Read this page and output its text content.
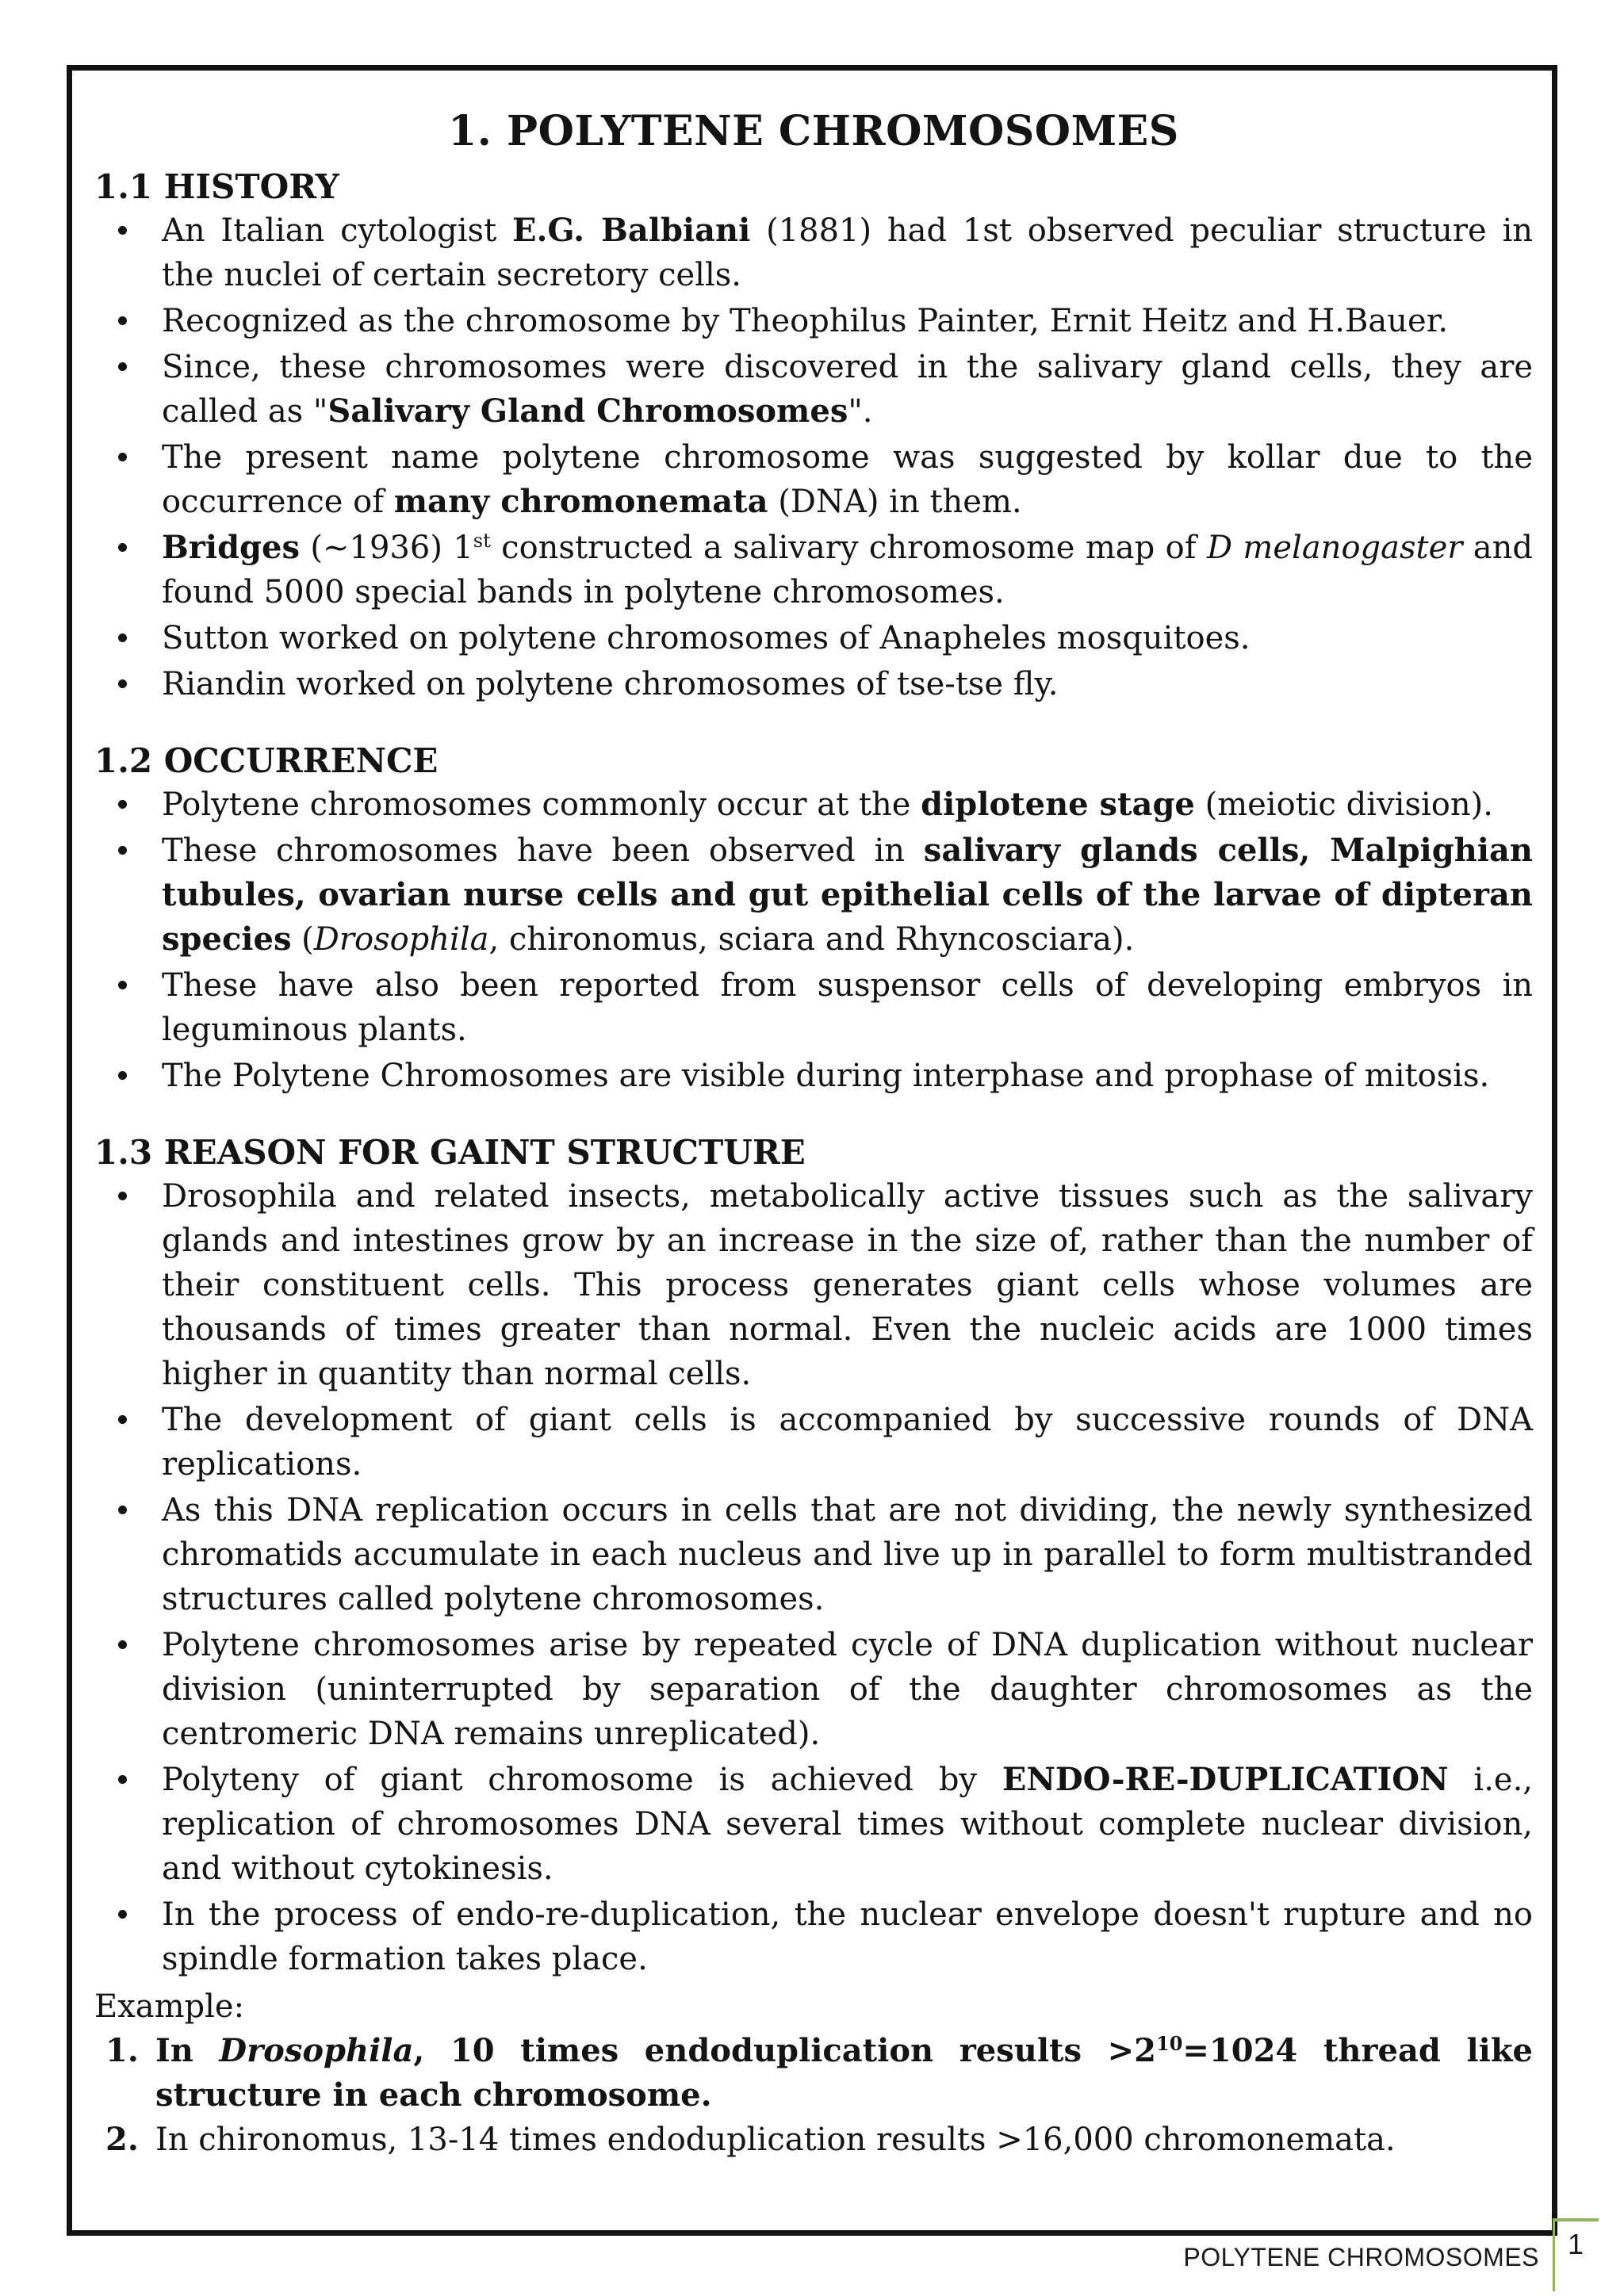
1. POLYTENE CHROMOSOMES
1.1 HISTORY
An Italian cytologist E.G. Balbiani (1881) had 1st observed peculiar structure in the nuclei of certain secretory cells.
Recognized as the chromosome by Theophilus Painter, Ernit Heitz and H.Bauer.
Since, these chromosomes were discovered in the salivary gland cells, they are called as "Salivary Gland Chromosomes".
The present name polytene chromosome was suggested by kollar due to the occurrence of many chromonemata (DNA) in them.
Bridges (~1936) 1st constructed a salivary chromosome map of D melanogaster and found 5000 special bands in polytene chromosomes.
Sutton worked on polytene chromosomes of Anapheles mosquitoes.
Riandin worked on polytene chromosomes of tse-tse fly.
1.2 OCCURRENCE
Polytene chromosomes commonly occur at the diplotene stage (meiotic division).
These chromosomes have been observed in salivary glands cells, Malpighian tubules, ovarian nurse cells and gut epithelial cells of the larvae of dipteran species (Drosophila, chironomus, sciara and Rhyncosciara).
These have also been reported from suspensor cells of developing embryos in leguminous plants.
The Polytene Chromosomes are visible during interphase and prophase of mitosis.
1.3 REASON FOR GAINT STRUCTURE
Drosophila and related insects, metabolically active tissues such as the salivary glands and intestines grow by an increase in the size of, rather than the number of their constituent cells. This process generates giant cells whose volumes are thousands of times greater than normal. Even the nucleic acids are 1000 times higher in quantity than normal cells.
The development of giant cells is accompanied by successive rounds of DNA replications.
As this DNA replication occurs in cells that are not dividing, the newly synthesized chromatids accumulate in each nucleus and live up in parallel to form multistranded structures called polytene chromosomes.
Polytene chromosomes arise by repeated cycle of DNA duplication without nuclear division (uninterrupted by separation of the daughter chromosomes as the centromeric DNA remains unreplicated).
Polyteny of giant chromosome is achieved by ENDO-RE-DUPLICATION i.e., replication of chromosomes DNA several times without complete nuclear division, and without cytokinesis.
In the process of endo-re-duplication, the nuclear envelope doesn't rupture and no spindle formation takes place.

Example:

1. In Drosophila, 10 times endoduplication results $>2^{10}=1024$ thread like structure in each chromosome.
2. In chironomus, 13-14 times endoduplication results >16,000 chromonemata.
POLYTENE CHROMOSOMES 1
